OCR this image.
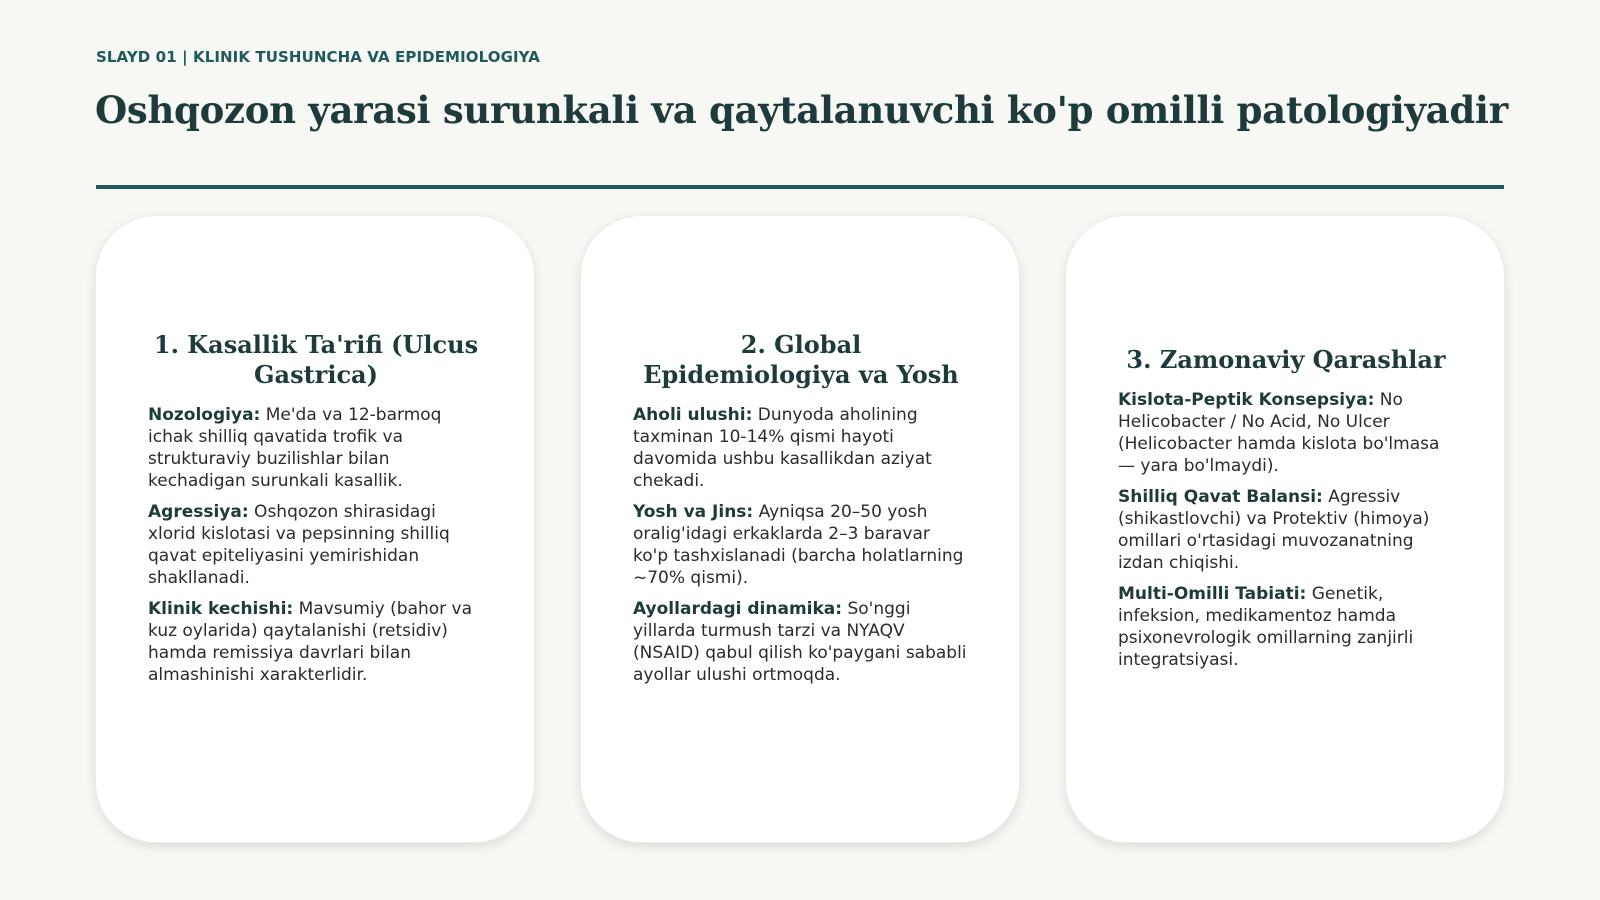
SLAYD 01 | KLINIK TUSHUNCHA VA EPIDEMIOLOGIYA
Oshqozon yarasi surunkali va qaytalanuvchi ko'p omilli patologiyadir
1. Kasallik Ta'rifi (Ulcus Gastrica)

Nozologiya: Me'da va 12-barmoq ichak shilliq qavatida trofik va strukturaviy buzilishlar bilan kechadigan surunkali kasallik.

Agressiya: Oshqozon shirasidagi xlorid kislotasi va pepsinning shilliq qavat epiteliyasini yemirishidan shakllanadi.

Klinik kechishi: Mavsumiy (bahor va kuz oylarida) qaytalanishi (retsidiv) hamda remissiya davrlari bilan almashinishi xarakterlidir.

2. Global Epidemiologiya va Yosh

Aholi ulushi: Dunyoda aholining taxminan 10-14% qismi hayoti davomida ushbu kasallikdan aziyat chekadi.

Yosh va Jins: Ayniqsa 20–50 yosh oralig'idagi erkaklarda 2–3 baravar ko'p tashxislanadi (barcha holatlarning ~70% qismi).

Ayollardagi dinamika: So'nggi yillarda turmush tarzi va NYAQV (NSAID) qabul qilish ko'paygani sababli ayollar ulushi ortmoqda.

3. Zamonaviy Qarashlar

Kislota-Peptik Konsepsiya: No Helicobacter / No Acid, No Ulcer (Helicobacter hamda kislota bo'lmasa — yara bo'lmaydi).

Shilliq Qavat Balansi: Agressiv (shikastlovchi) va Protektiv (himoya) omillari o'rtasidagi muvozanatning izdan chiqishi.

Multi-Omilli Tabiati: Genetik, infeksion, medikamentoz hamda psixonevrologik omillarning zanjirli integratsiyasi.
